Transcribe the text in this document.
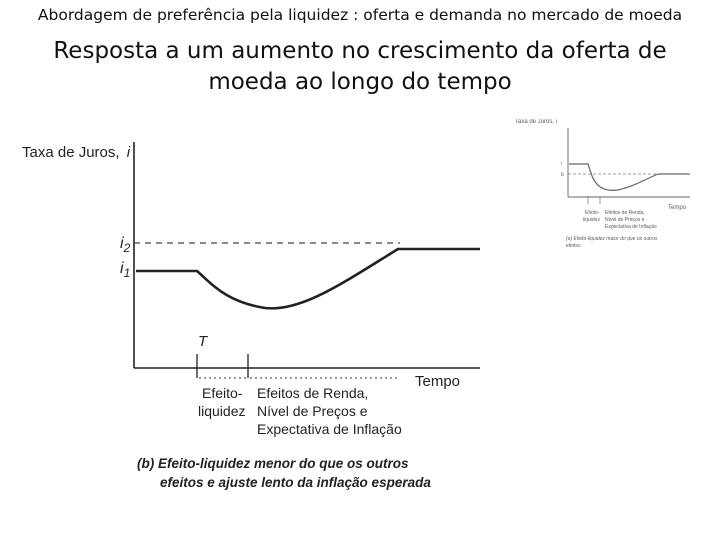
Abordagem de preferência pela liquidez : oferta e demanda no mercado de moeda
Resposta a um aumento no crescimento da oferta de
moeda ao longo do tempo
Taxa de Juros, i
$i_2$
$i_1$
T
Tempo
Efeito- liquidez
Efeitos de Renda, Nível de Preços e Expectativa de Inflação
(b) Efeito-liquidez menor do que os outros efeitos e ajuste lento da inflação esperada
Taxa de Juros, i
i
b
Tempo
Efeito- liquidez
Efeitos de Renda, Nível de Preços e Expectativa de Inflação
(a) Efeito-liquidez maior do que os outros efeitos
